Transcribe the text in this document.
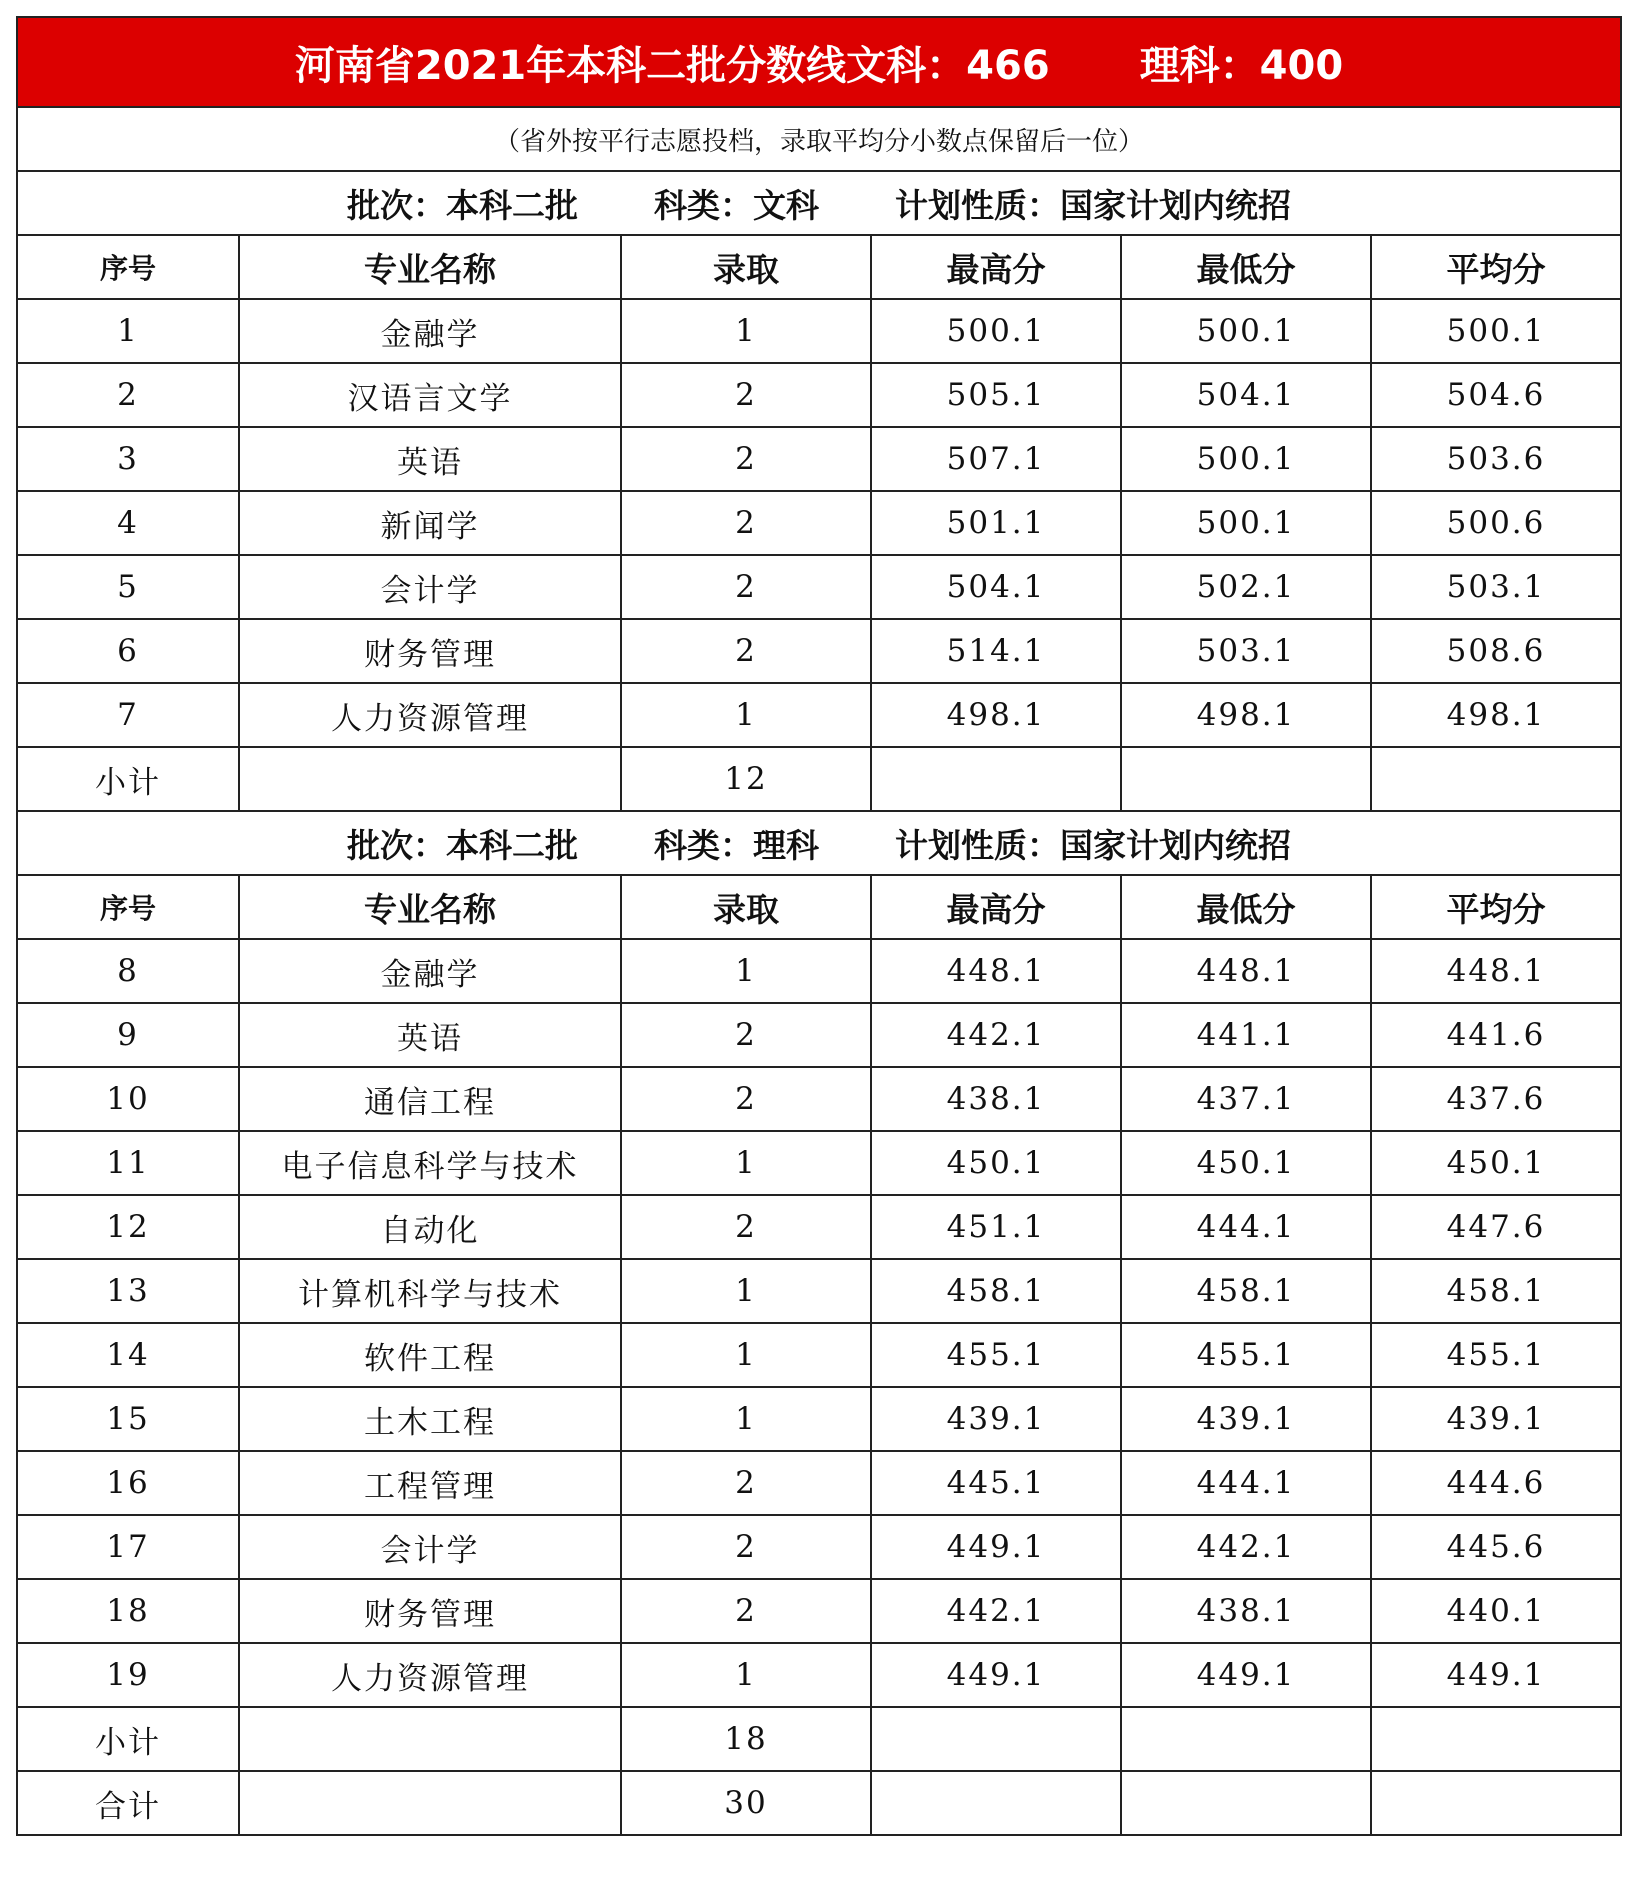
河南省2021年本科二批分数线文科：466 理科：400					
（省外按平行志愿投档，录取平均分小数点保留后一位）					
批次：本科二批 科类：文科 计划性质：国家计划内统招					
序号	专业名称	录取	最高分	最低分	平均分
1	金融学	1	500.1	500.1	500.1
2	汉语言文学	2	505.1	504.1	504.6
3	英语	2	507.1	500.1	503.6
4	新闻学	2	501.1	500.1	500.6
5	会计学	2	504.1	502.1	503.1
6	财务管理	2	514.1	503.1	508.6
7	人力资源管理	1	498.1	498.1	498.1
小计		12			
批次：本科二批 科类：理科 计划性质：国家计划内统招					
序号	专业名称	录取	最高分	最低分	平均分
8	金融学	1	448.1	448.1	448.1
9	英语	2	442.1	441.1	441.6
10	通信工程	2	438.1	437.1	437.6
11	电子信息科学与技术	1	450.1	450.1	450.1
12	自动化	2	451.1	444.1	447.6
13	计算机科学与技术	1	458.1	458.1	458.1
14	软件工程	1	455.1	455.1	455.1
15	土木工程	1	439.1	439.1	439.1
16	工程管理	2	445.1	444.1	444.6
17	会计学	2	449.1	442.1	445.6
18	财务管理	2	442.1	438.1	440.1
19	人力资源管理	1	449.1	449.1	449.1
小计		18			
合计		30			
